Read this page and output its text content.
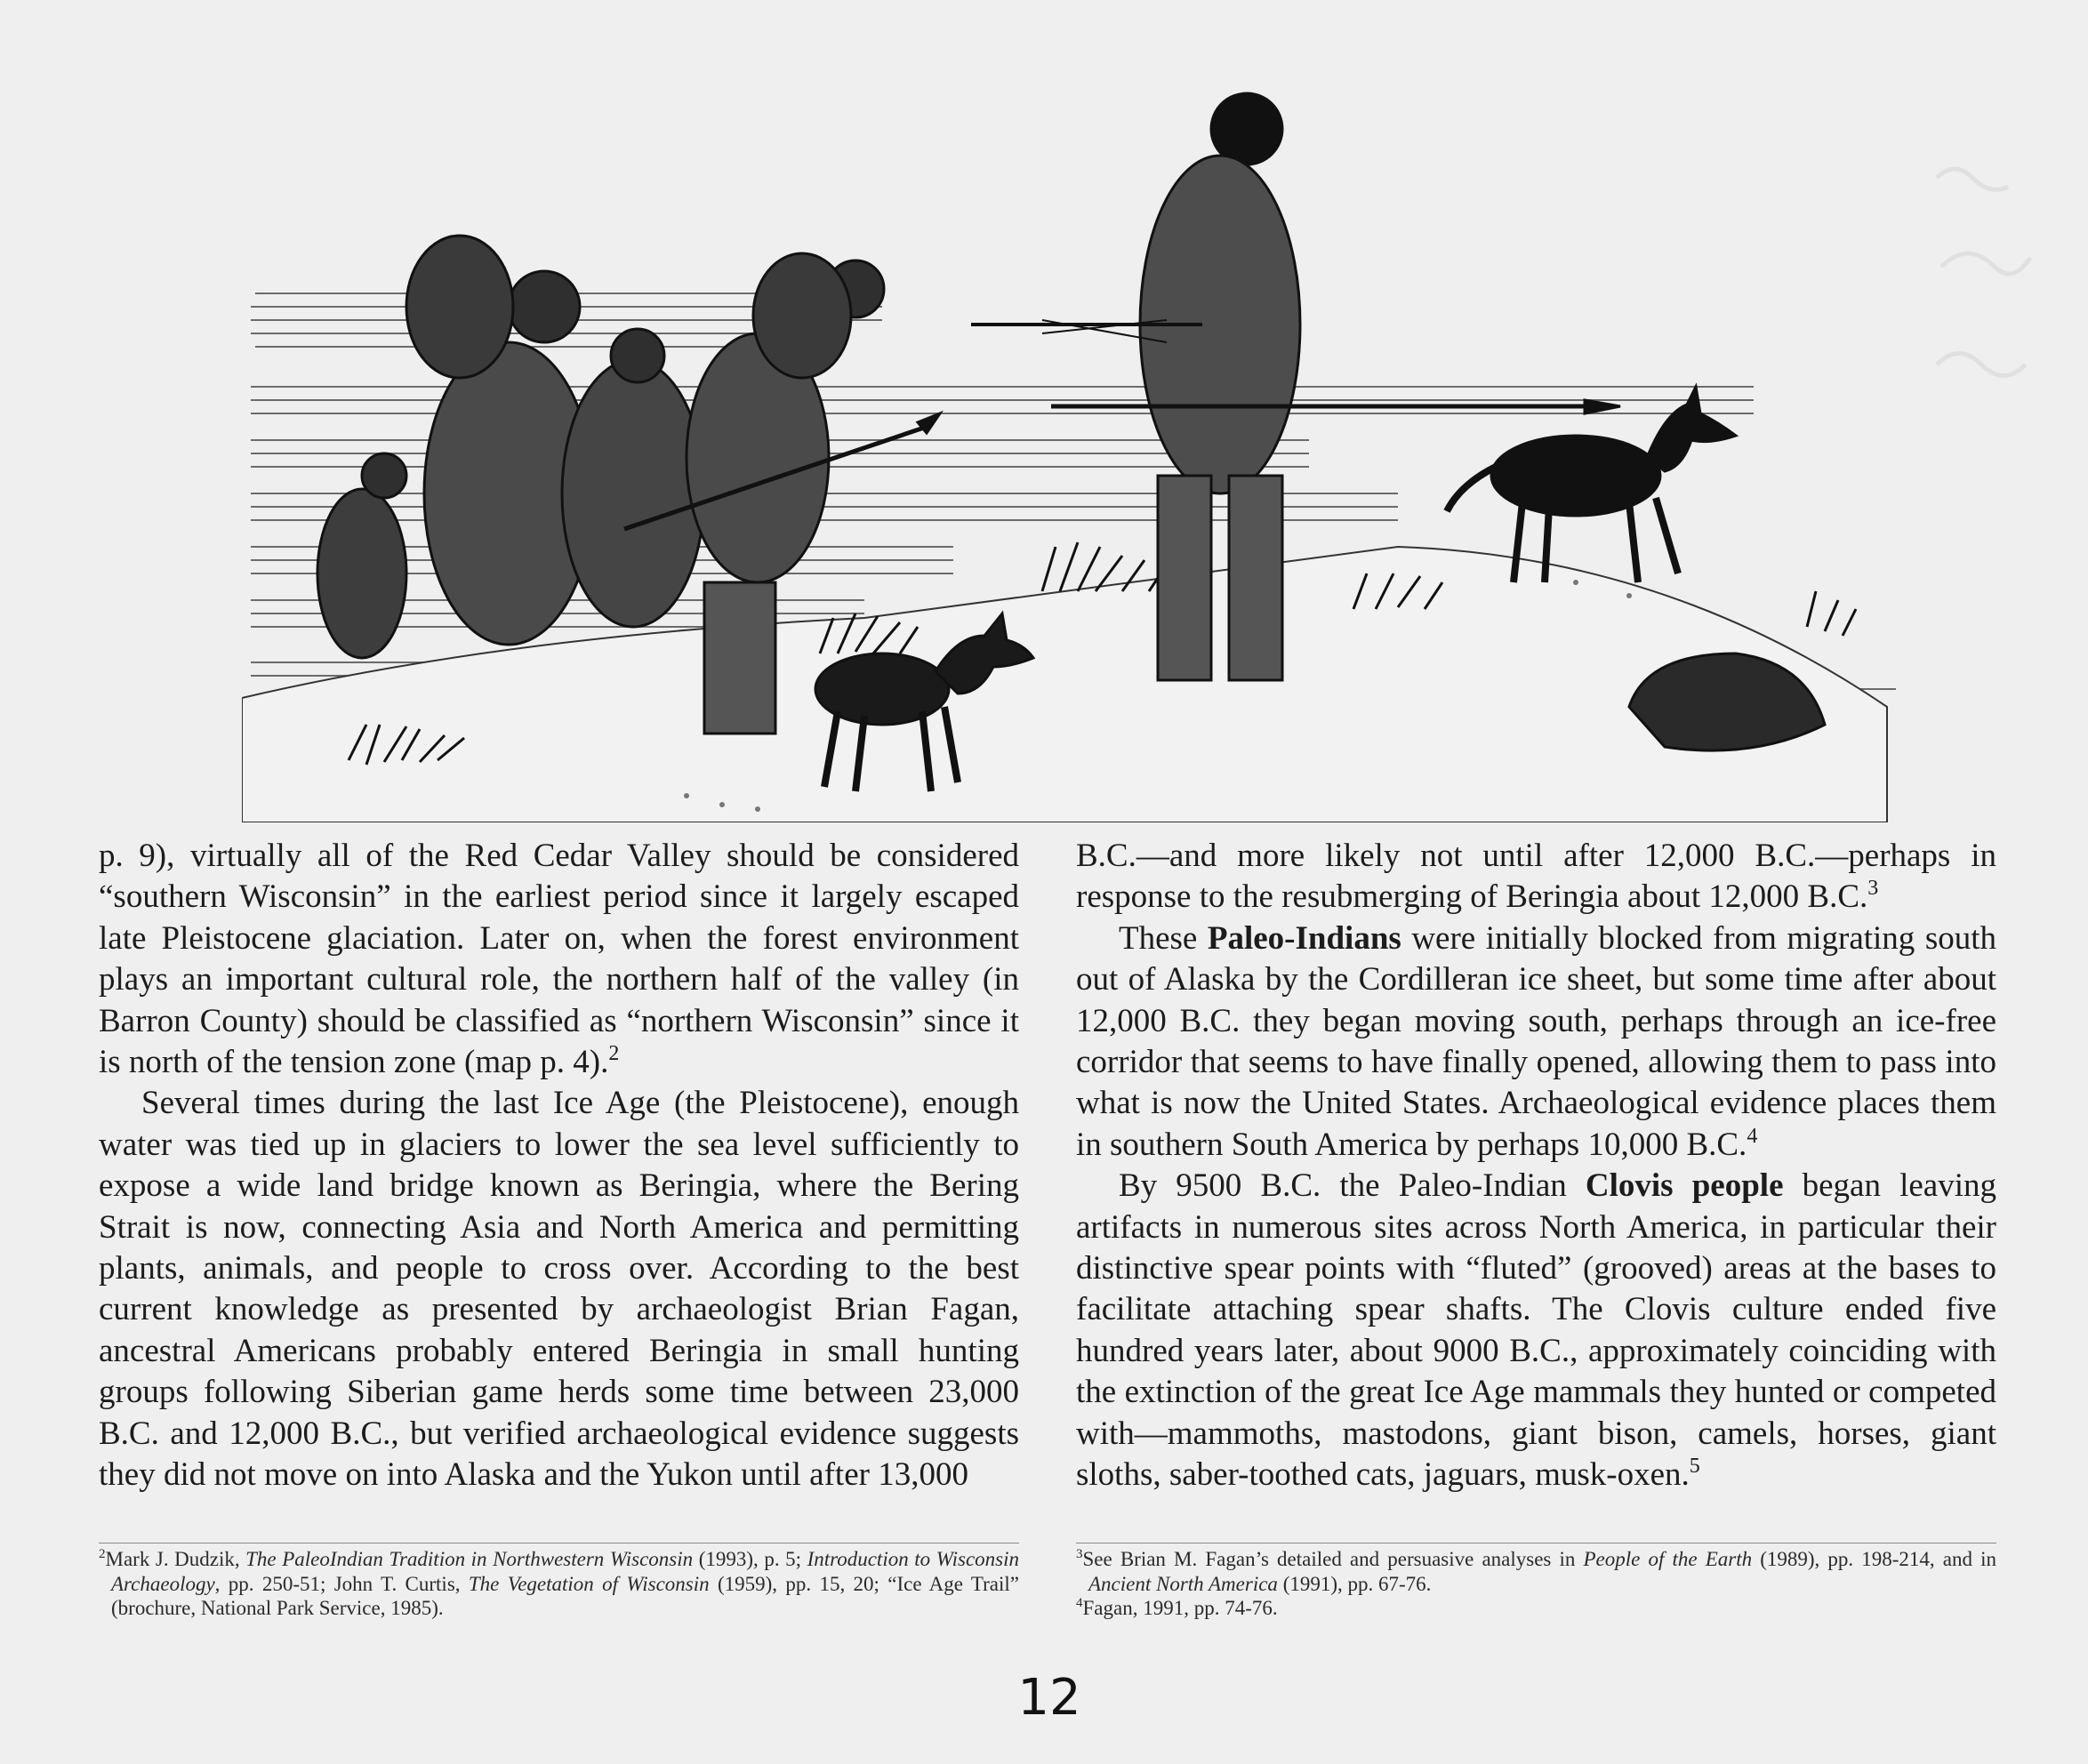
p. 9), virtually all of the Red Cedar Valley should be considered “southern Wisconsin” in the earliest period since it largely escaped late Pleistocene glaciation. Later on, when the forest environment plays an important cultural role, the northern half of the valley (in Barron County) should be classified as “northern Wisconsin” since it is north of the tension zone (map p. 4).$^2$

Several times during the last Ice Age (the Pleistocene), enough water was tied up in glaciers to lower the sea level sufficiently to expose a wide land bridge known as Beringia, where the Bering Strait is now, connecting Asia and North America and permitting plants, animals, and people to cross over. According to the best current knowledge as presented by archaeologist Brian Fagan, ancestral Americans probably entered Beringia in small hunting groups following Siberian game herds some time between 23,000 B.C. and 12,000 B.C., but verified archaeological evidence suggests they did not move on into Alaska and the Yukon until after 13,000

B.C.—and more likely not until after 12,000 B.C.—perhaps in response to the resubmerging of Beringia about 12,000 B.C.$^3$

These Paleo-Indians were initially blocked from migrating south out of Alaska by the Cordilleran ice sheet, but some time after about 12,000 B.C. they began moving south, perhaps through an ice-free corridor that seems to have finally opened, allowing them to pass into what is now the United States. Archaeological evidence places them in southern South America by perhaps 10,000 B.C.$^4$

By 9500 B.C. the Paleo-Indian Clovis people began leaving artifacts in numerous sites across North America, in particular their distinctive spear points with “fluted” (grooved) areas at the bases to facilitate attaching spear shafts. The Clovis culture ended five hundred years later, about 9000 B.C., approximately coinciding with the extinction of the great Ice Age mammals they hunted or competed with—mammoths, mastodons, giant bison, camels, horses, giant sloths, saber-toothed cats, jaguars, musk-oxen.$^5$

$^2$Mark J. Dudzik, The PaleoIndian Tradition in Northwestern Wisconsin (1993), p. 5; Introduction to Wisconsin Archaeology, pp. 250-51; John T. Curtis, The Vegetation of Wisconsin (1959), pp. 15, 20; “Ice Age Trail” (brochure, National Park Service, 1985).

$^3$See Brian M. Fagan’s detailed and persuasive analyses in People of the Earth (1989), pp. 198-214, and in Ancient North America (1991), pp. 67-76.

$^4$Fagan, 1991, pp. 74-76.

12
